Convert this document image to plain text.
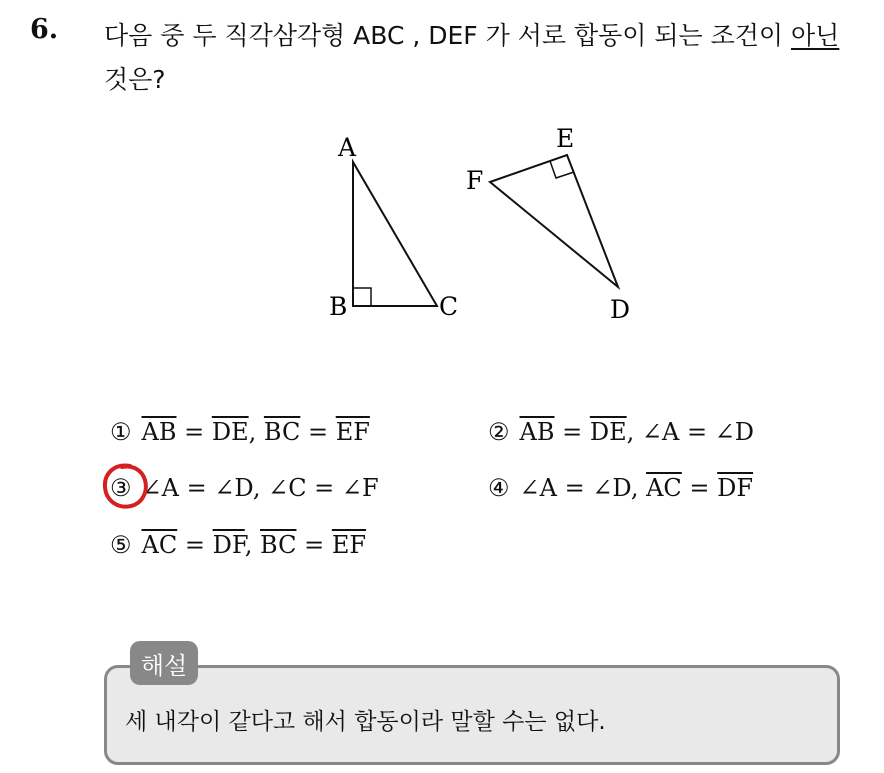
6. 다음 중 두 직각삼각형 ABC , DEF 가 서로 합동이 되는 조건이 아닌
것은?
A
B	C
E
F
D
① $\overline{AB} = \overline{DE}$, $\overline{BC} = \overline{EF}$	② $\overline{AB} = \overline{DE}$, ∠A = ∠D
③ ∠A = ∠D, ∠C = ∠F	④ ∠A = ∠D, $\overline{AC} = \overline{DF}$
⑤ $\overline{AC} = \overline{DF}$, $\overline{BC} = \overline{EF}$
해설
세 내각이 같다고 해서 합동이라 말할 수는 없다.
